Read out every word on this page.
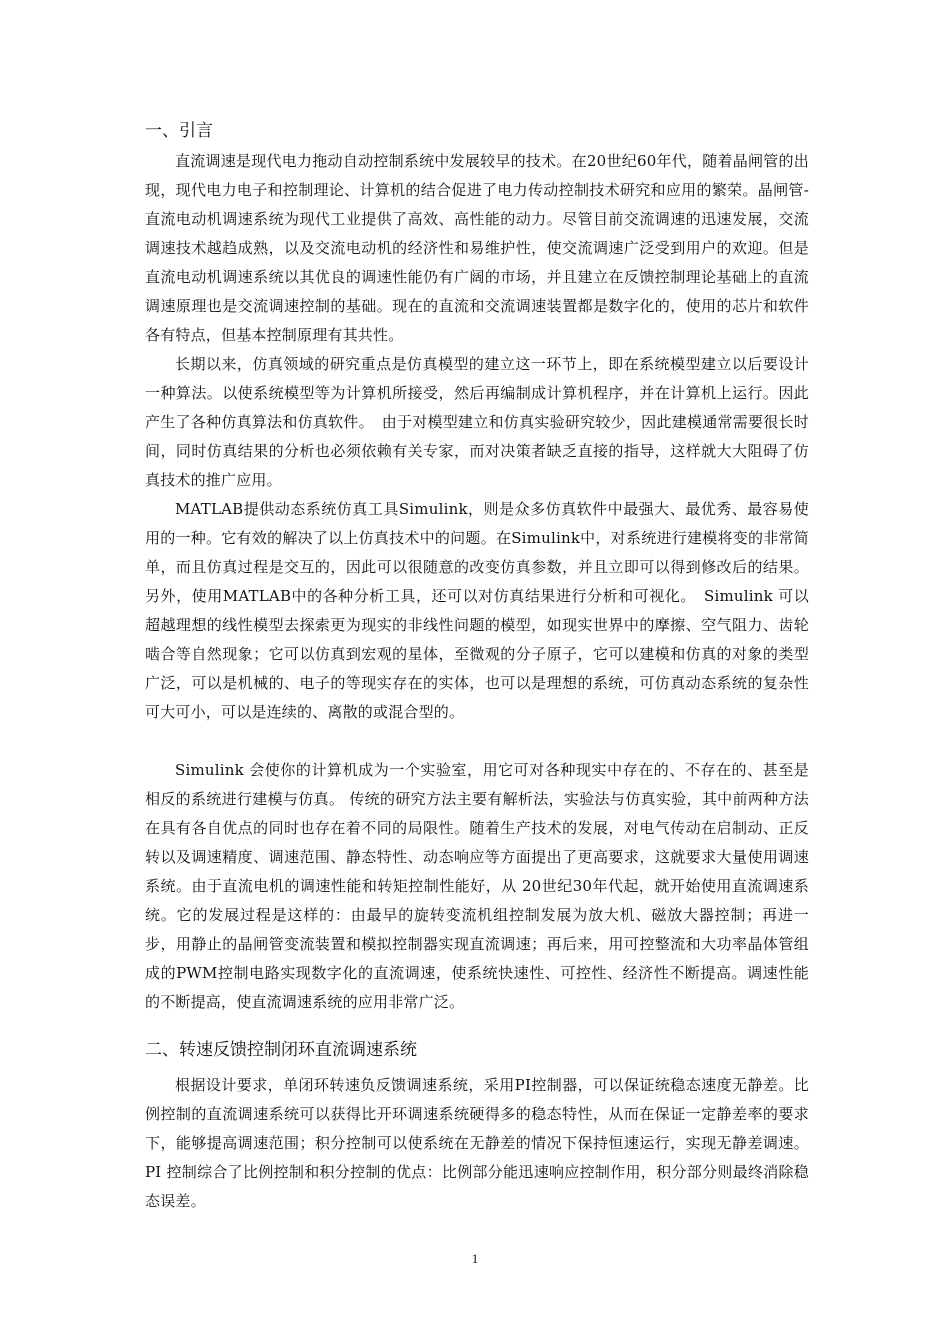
一、引言

直流调速是现代电力拖动自动控制系统中发展较早的技术。在20世纪60年代，随着晶闸管的出现，现代电力电子和控制理论、计算机的结合促进了电力传动控制技术研究和应用的繁荣。晶闸管-直流电动机调速系统为现代工业提供了高效、高性能的动力。尽管目前交流调速的迅速发展，交流调速技术越趋成熟，以及交流电动机的经济性和易维护性，使交流调速广泛受到用户的欢迎。但是直流电动机调速系统以其优良的调速性能仍有广阔的市场，并且建立在反馈控制理论基础上的直流调速原理也是交流调速控制的基础。现在的直流和交流调速装置都是数字化的，使用的芯片和软件各有特点，但基本控制原理有其共性。

长期以来，仿真领域的研究重点是仿真模型的建立这一环节上，即在系统模型建立以后要设计一种算法。以使系统模型等为计算机所接受，然后再编制成计算机程序，并在计算机上运行。因此产生了各种仿真算法和仿真软件。　由于对模型建立和仿真实验研究较少，因此建模通常需要很长时间，同时仿真结果的分析也必须依赖有关专家，而对决策者缺乏直接的指导，这样就大大阻碍了仿真技术的推广应用。

MATLAB提供动态系统仿真工具Simulink，则是众多仿真软件中最强大、最优秀、最容易使用的一种。它有效的解决了以上仿真技术中的问题。在Simulink中，对系统进行建模将变的非常简单，而且仿真过程是交互的，因此可以很随意的改变仿真参数，并且立即可以得到修改后的结果。另外，使用MATLAB中的各种分析工具，还可以对仿真结果进行分析和可视化。　Simulink 可以超越理想的线性模型去探索更为现实的非线性问题的模型，如现实世界中的摩擦、空气阻力、齿轮啮合等自然现象；它可以仿真到宏观的星体，至微观的分子原子，它可以建模和仿真的对象的类型广泛，可以是机械的、电子的等现实存在的实体，也可以是理想的系统，可仿真动态系统的复杂性可大可小，可以是连续的、离散的或混合型的。

Simulink 会使你的计算机成为一个实验室，用它可对各种现实中存在的、不存在的、甚至是相反的系统进行建模与仿真。 传统的研究方法主要有解析法，实验法与仿真实验，其中前两种方法在具有各自优点的同时也存在着不同的局限性。随着生产技术的发展，对电气传动在启制动、正反转以及调速精度、调速范围、静态特性、动态响应等方面提出了更高要求，这就要求大量使用调速系统。由于直流电机的调速性能和转矩控制性能好，从 20世纪30年代起，就开始使用直流调速系统。它的发展过程是这样的：由最早的旋转变流机组控制发展为放大机、磁放大器控制；再进一步，用静止的晶闸管变流装置和模拟控制器实现直流调速；再后来，用可控整流和大功率晶体管组成的PWM控制电路实现数字化的直流调速，使系统快速性、可控性、经济性不断提高。调速性能的不断提高，使直流调速系统的应用非常广泛。

二、转速反馈控制闭环直流调速系统

根据设计要求，单闭环转速负反馈调速系统，采用PI控制器，可以保证统稳态速度无静差。比例控制的直流调速系统可以获得比开环调速系统硬得多的稳态特性，从而在保证一定静差率的要求下，能够提高调速范围；积分控制可以使系统在无静差的情况下保持恒速运行，实现无静差调速。PI 控制综合了比例控制和积分控制的优点：比例部分能迅速响应控制作用，积分部分则最终消除稳态误差。

1
